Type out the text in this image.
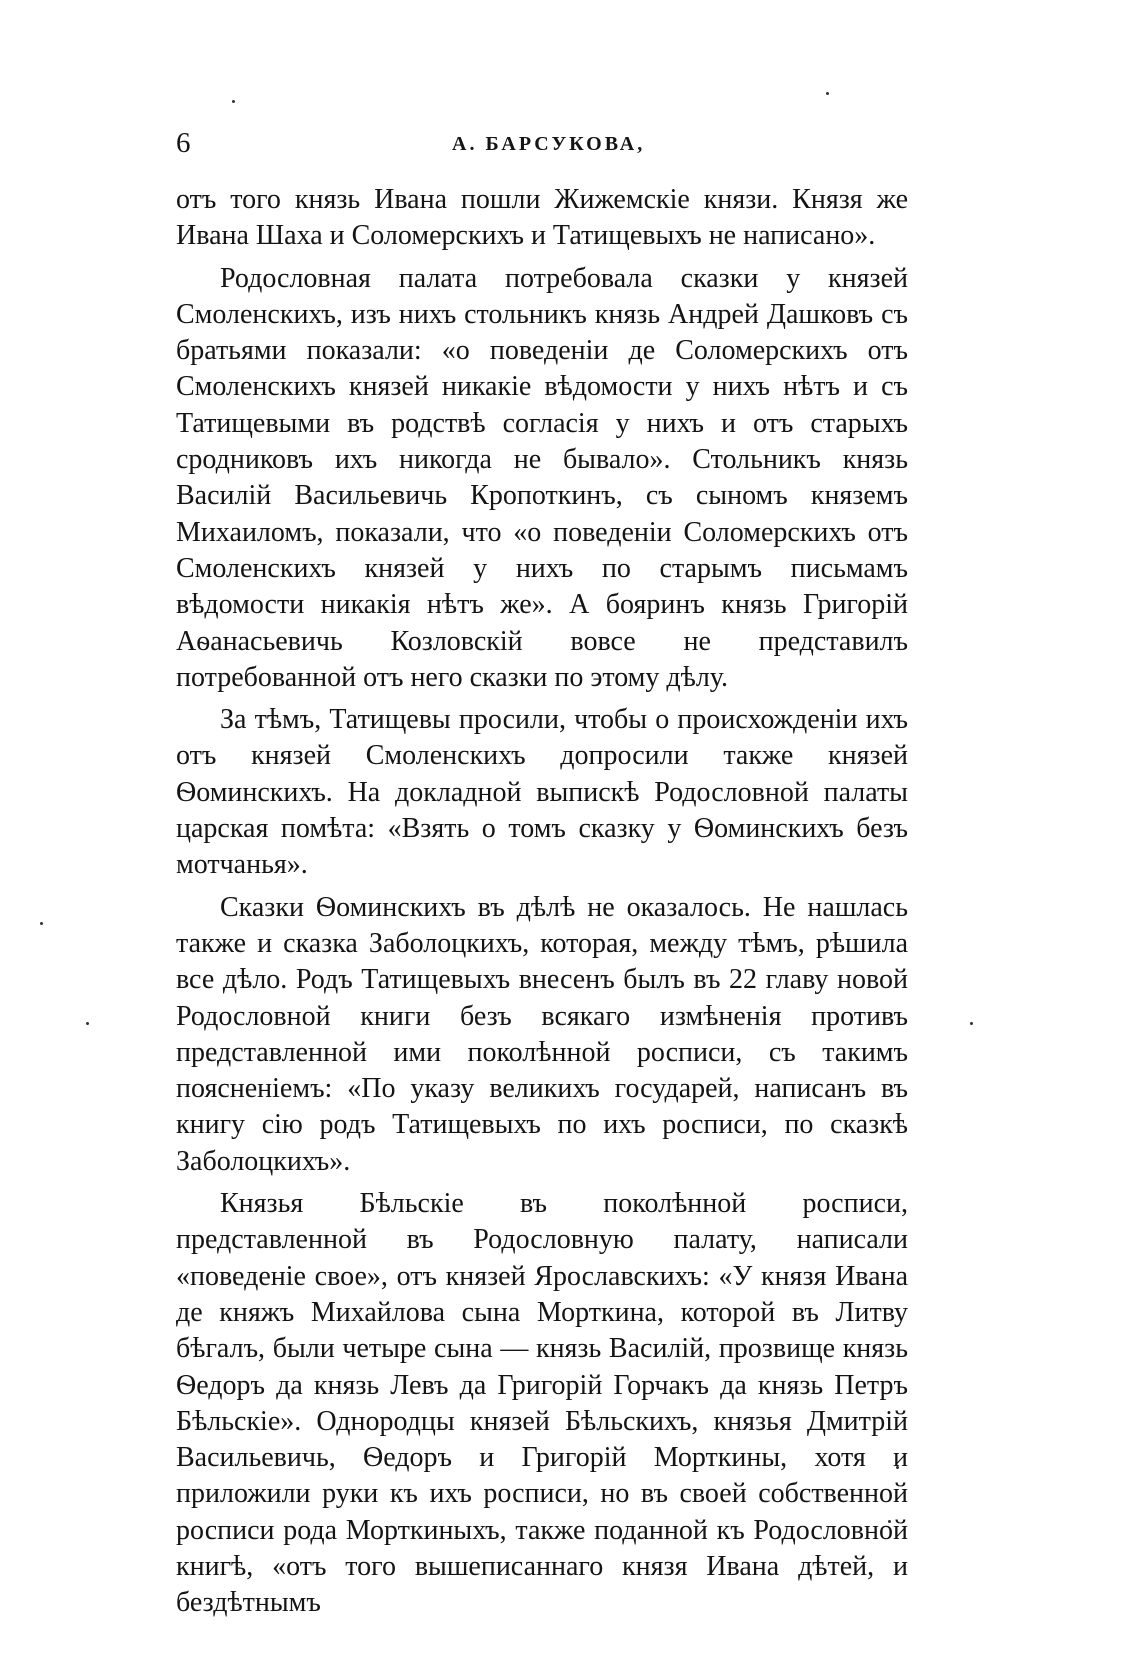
6	А. БАРСУКОВА,

отъ того князь Ивана пошли Жижемскіе князи. Князя же Ивана Шаха и Соломерскихъ и Татищевыхъ не написано».

Родословная палата потребовала сказки у князей Смоленскихъ, изъ нихъ стольникъ князь Андрей Дашковъ съ братьями показали: «о поведеніи де Соломерскихъ отъ Смоленскихъ князей никакіе вѣдомости у нихъ нѣтъ и съ Татищевыми въ родствѣ согласія у нихъ и отъ старыхъ сродниковъ ихъ никогда не бывало». Стольникъ князь Василій Васильевичь Кропоткинъ, съ сыномъ княземъ Михаиломъ, показали, что «о поведеніи Соломерскихъ отъ Смоленскихъ князей у нихъ по старымъ письмамъ вѣдомости никакія нѣтъ же». А бояринъ князь Григорій Аѳанасьевичь Козловскій вовсе не представилъ потребованной отъ него сказки по этому дѣлу.

За тѣмъ, Татищевы просили, чтобы о происхожденіи ихъ отъ князей Смоленскихъ допросили также князей Ѳоминскихъ. На докладной выпискѣ Родословной палаты царская помѣта: «Взять о томъ сказку у Ѳоминскихъ безъ мотчанья».

Сказки Ѳоминскихъ въ дѣлѣ не оказалось. Не нашлась также и сказка Заболоцкихъ, которая, между тѣмъ, рѣшила все дѣло. Родъ Татищевыхъ внесенъ былъ въ 22 главу новой Родословной книги безъ всякаго измѣненія противъ представленной ими поколѣнной росписи, съ такимъ поясненіемъ: «По указу великихъ государей, написанъ въ книгу сію родъ Татищевыхъ по ихъ росписи, по сказкѣ Заболоцкихъ».

Князья Бѣльскіе въ поколѣнной росписи, представленной въ Родословную палату, написали «поведеніе свое», отъ князей Ярославскихъ: «У князя Ивана де княжъ Михайлова сына Морткина, которой въ Литву бѣгалъ, были четыре сына — князь Василій, прозвище князь Ѳедоръ да князь Левъ да Григорій Горчакъ да князь Петръ Бѣльскіе». Однородцы князей Бѣльскихъ, князья Дмитрій Васильевичь, Ѳедоръ и Григорій Морткины, хотя и приложили руки къ ихъ росписи, но въ своей собственной росписи рода Морткиныхъ, также поданной къ Родословной книгѣ, «отъ того вышеписаннаго князя Ивана дѣтей, и бездѣтнымъ
